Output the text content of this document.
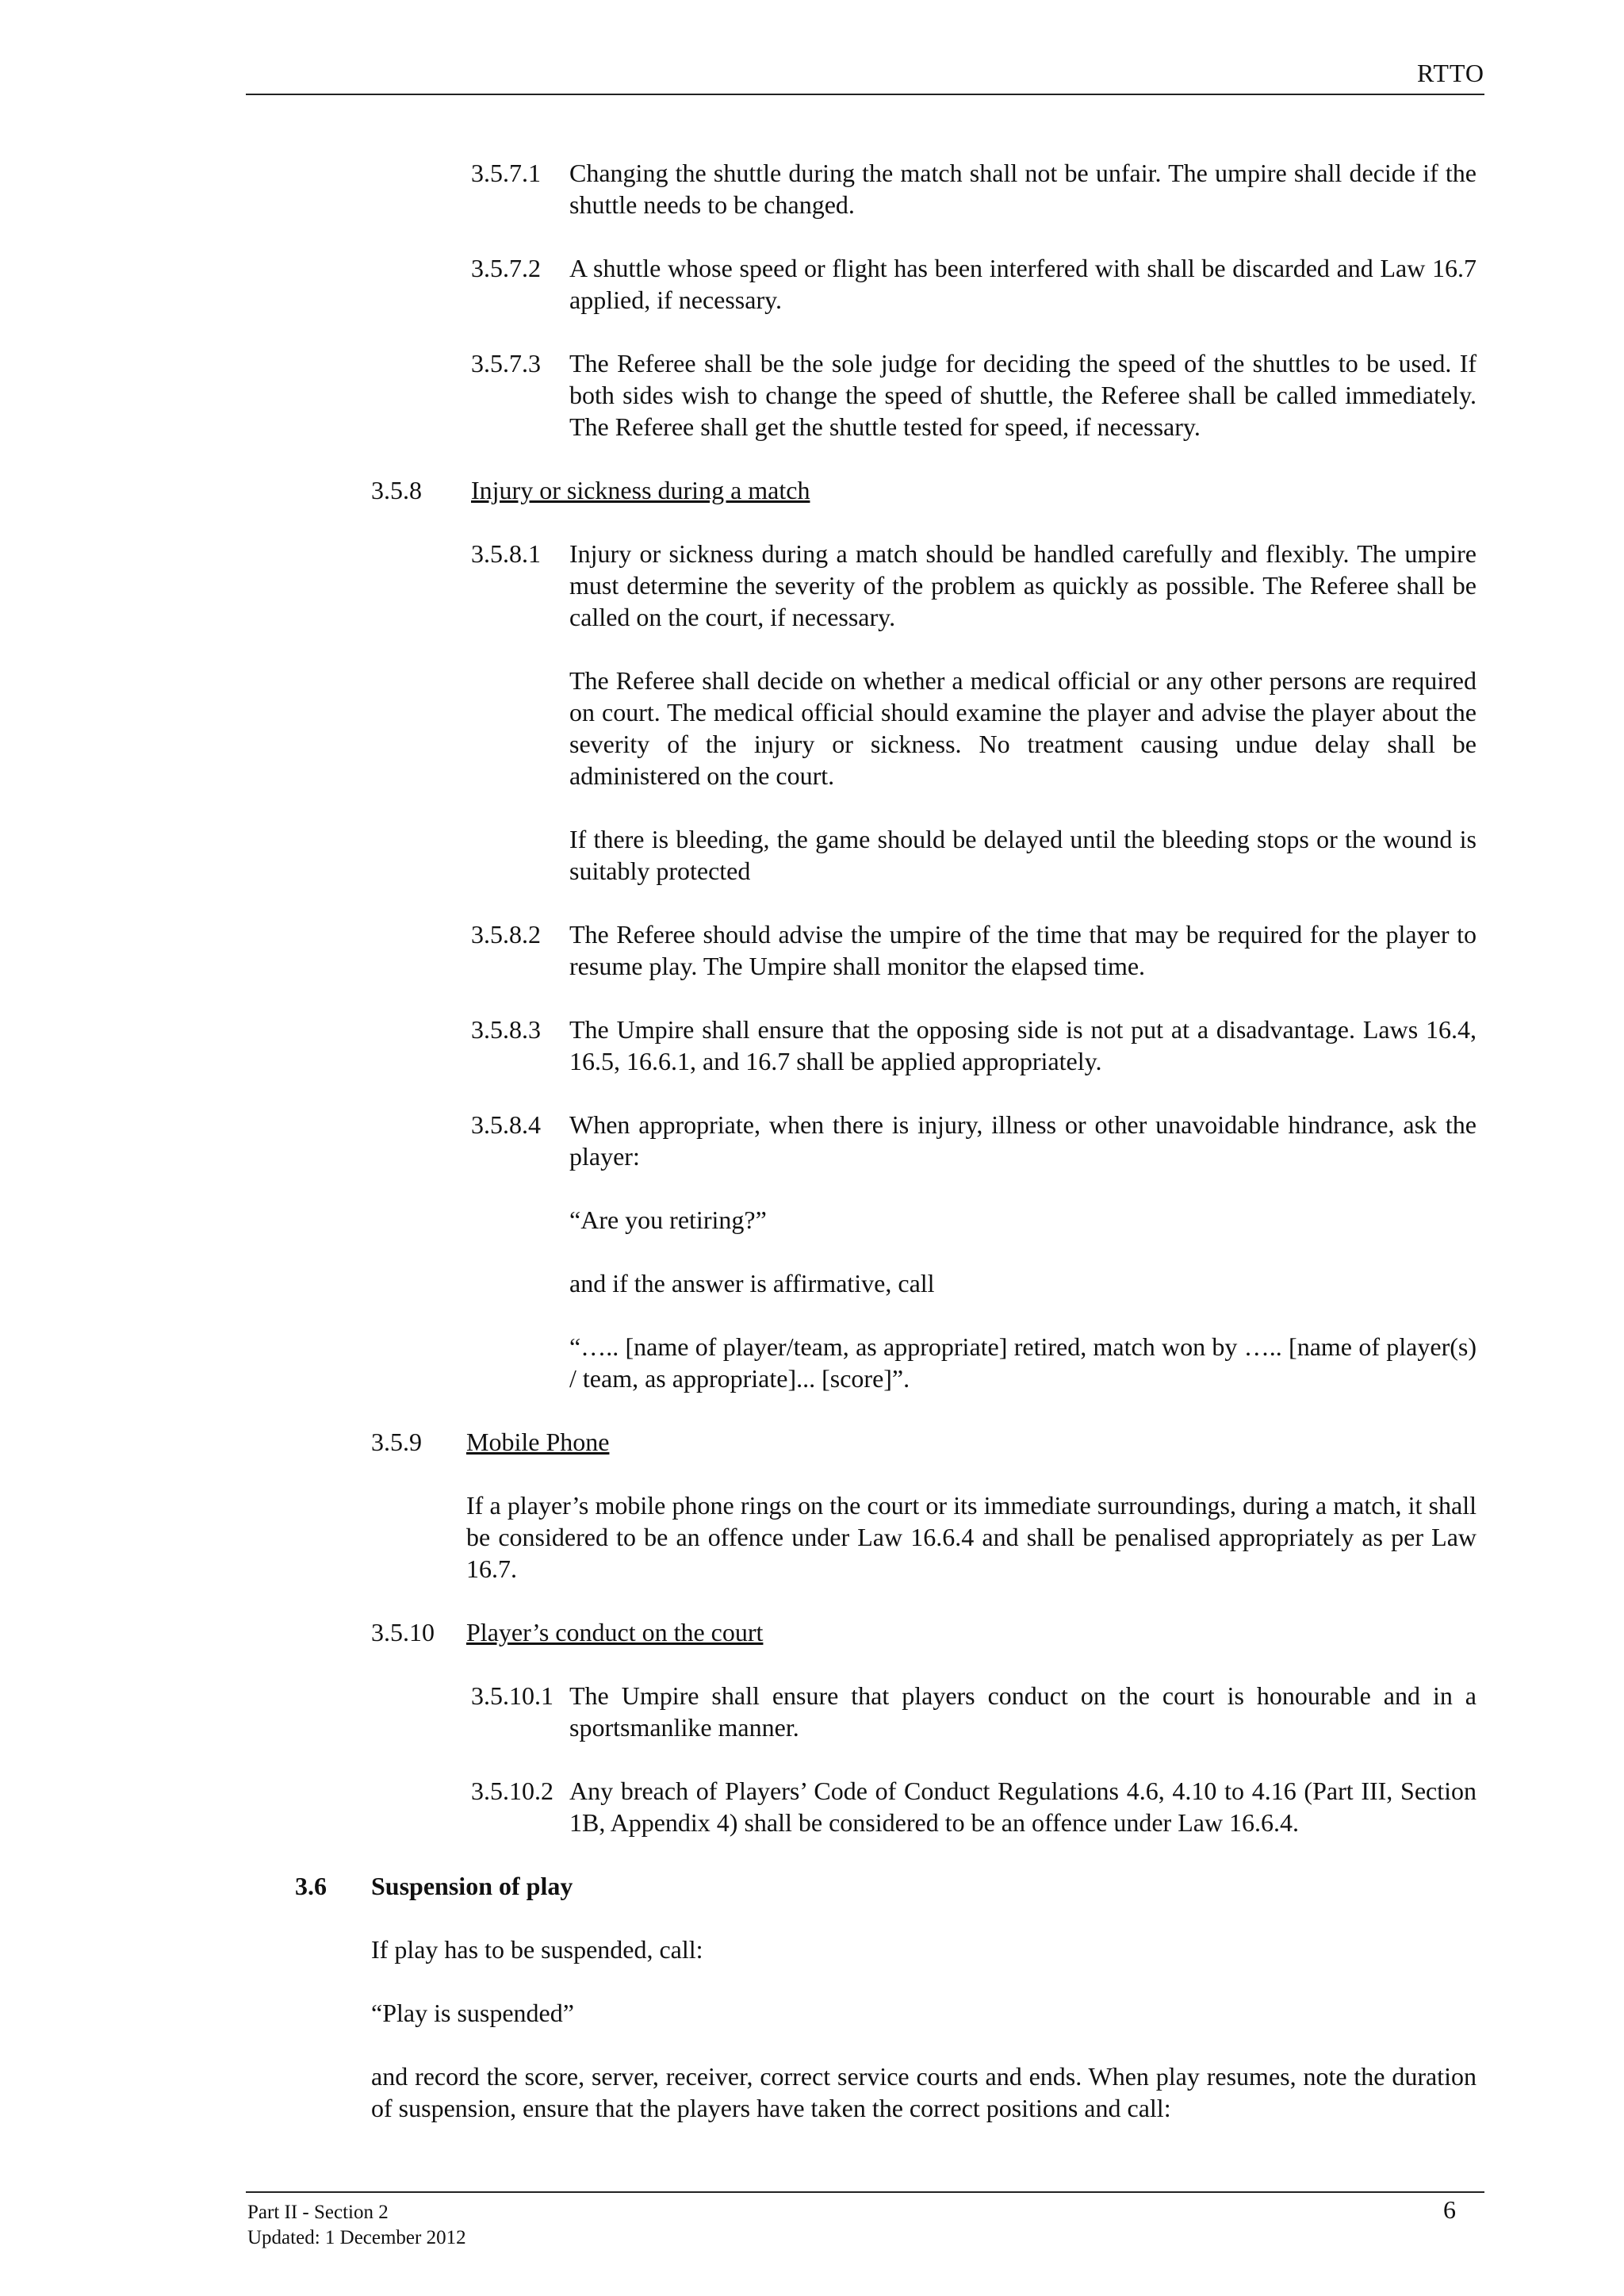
RTTO
3.5.7.1 Changing the shuttle during the match shall not be unfair. The umpire shall decide if the shuttle needs to be changed.
3.5.7.2 A shuttle whose speed or flight has been interfered with shall be discarded and Law 16.7 applied, if necessary.
3.5.7.3 The Referee shall be the sole judge for deciding the speed of the shuttles to be used. If both sides wish to change the speed of shuttle, the Referee shall be called immediately. The Referee shall get the shuttle tested for speed, if necessary.
3.5.8 Injury or sickness during a match
3.5.8.1 Injury or sickness during a match should be handled carefully and flexibly. The umpire must determine the severity of the problem as quickly as possible. The Referee shall be called on the court, if necessary.
The Referee shall decide on whether a medical official or any other persons are required on court. The medical official should examine the player and advise the player about the severity of the injury or sickness. No treatment causing undue delay shall be administered on the court.
If there is bleeding, the game should be delayed until the bleeding stops or the wound is suitably protected
3.5.8.2 The Referee should advise the umpire of the time that may be required for the player to resume play. The Umpire shall monitor the elapsed time.
3.5.8.3 The Umpire shall ensure that the opposing side is not put at a disadvantage. Laws 16.4, 16.5, 16.6.1, and 16.7 shall be applied appropriately.
3.5.8.4 When appropriate, when there is injury, illness or other unavoidable hindrance, ask the player:
“Are you retiring?”
and if the answer is affirmative, call
“….. [name of player/team, as appropriate] retired, match won by ….. [name of player(s) / team, as appropriate]... [score]”.
3.5.9 Mobile Phone
If a player’s mobile phone rings on the court or its immediate surroundings, during a match, it shall be considered to be an offence under Law 16.6.4 and shall be penalised appropriately as per Law 16.7.
3.5.10 Player’s conduct on the court
3.5.10.1 The Umpire shall ensure that players conduct on the court is honourable and in a sportsmanlike manner.
3.5.10.2 Any breach of Players’ Code of Conduct Regulations 4.6, 4.10 to 4.16 (Part III, Section 1B, Appendix 4) shall be considered to be an offence under Law 16.6.4.
3.6 Suspension of play
If play has to be suspended, call:
“Play is suspended”
and record the score, server, receiver, correct service courts and ends. When play resumes, note the duration of suspension, ensure that the players have taken the correct positions and call:
Part II - Section 2
Updated: 1 December 2012
6
